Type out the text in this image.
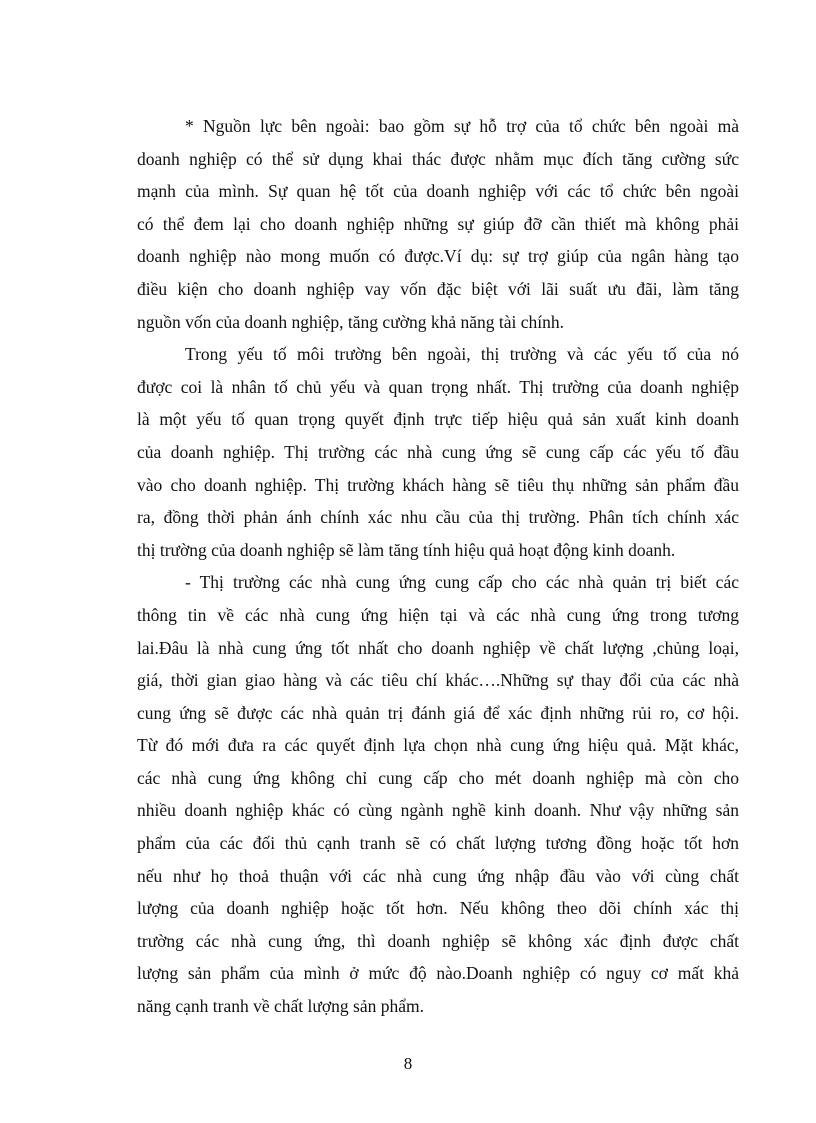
* Nguồn lực bên ngoài: bao gồm sự hỗ trợ của tổ chức bên ngoài mà
doanh nghiệp có thể sử dụng khai thác được nhằm mục đích tăng cường sức
mạnh của mình. Sự quan hệ tốt của doanh nghiệp với các tổ chức bên ngoài
có thể đem lại cho doanh nghiệp những sự giúp đỡ cần thiết mà không phải
doanh nghiệp nào mong muốn có được.Ví dụ: sự trợ giúp của ngân hàng tạo
điều kiện cho doanh nghiệp vay vốn đặc biệt với lãi suất ưu đãi, làm tăng
nguồn vốn của doanh nghiệp, tăng cường khả năng tài chính.
Trong yếu tố môi trường bên ngoài, thị trường và các yếu tố của nó
được coi là nhân tố chủ yếu và quan trọng nhất. Thị trường của doanh nghiệp
là một yếu tố quan trọng quyết định trực tiếp hiệu quả sản xuất kinh doanh
của doanh nghiệp. Thị trường các nhà cung ứng sẽ cung cấp các yếu tố đầu
vào cho doanh nghiệp. Thị trường khách hàng sẽ tiêu thụ những sản phẩm đầu
ra, đồng thời phản ánh chính xác nhu cầu của thị trường. Phân tích chính xác
thị trường của doanh nghiệp sẽ làm tăng tính hiệu quả hoạt động kinh doanh.
- Thị trường các nhà cung ứng cung cấp cho các nhà quản trị biết các
thông tin về các nhà cung ứng hiện tại và các nhà cung ứng trong tương
lai.Đâu là nhà cung ứng tốt nhất cho doanh nghiệp về chất lượng ,chủng loại,
giá, thời gian giao hàng và các tiêu chí khác….Những sự thay đổi của các nhà
cung ứng sẽ được các nhà quản trị đánh giá để xác định những rủi ro, cơ hội.
Từ đó mới đưa ra các quyết định lựa chọn nhà cung ứng hiệu quả. Mặt khác,
các nhà cung ứng không chỉ cung cấp cho mét doanh nghiệp mà còn cho
nhiều doanh nghiệp khác có cùng ngành nghề kinh doanh. Như vậy những sản
phẩm của các đối thủ cạnh tranh sẽ có chất lượng tương đồng hoặc tốt hơn
nếu như họ thoả thuận với các nhà cung ứng nhập đầu vào với cùng chất
lượng của doanh nghiệp hoặc tốt hơn. Nếu không theo dõi chính xác thị
trường các nhà cung ứng, thì doanh nghiệp sẽ không xác định được chất
lượng sản phẩm của mình ở mức độ nào.Doanh nghiệp có nguy cơ mất khả
năng cạnh tranh về chất lượng sản phẩm.
8
